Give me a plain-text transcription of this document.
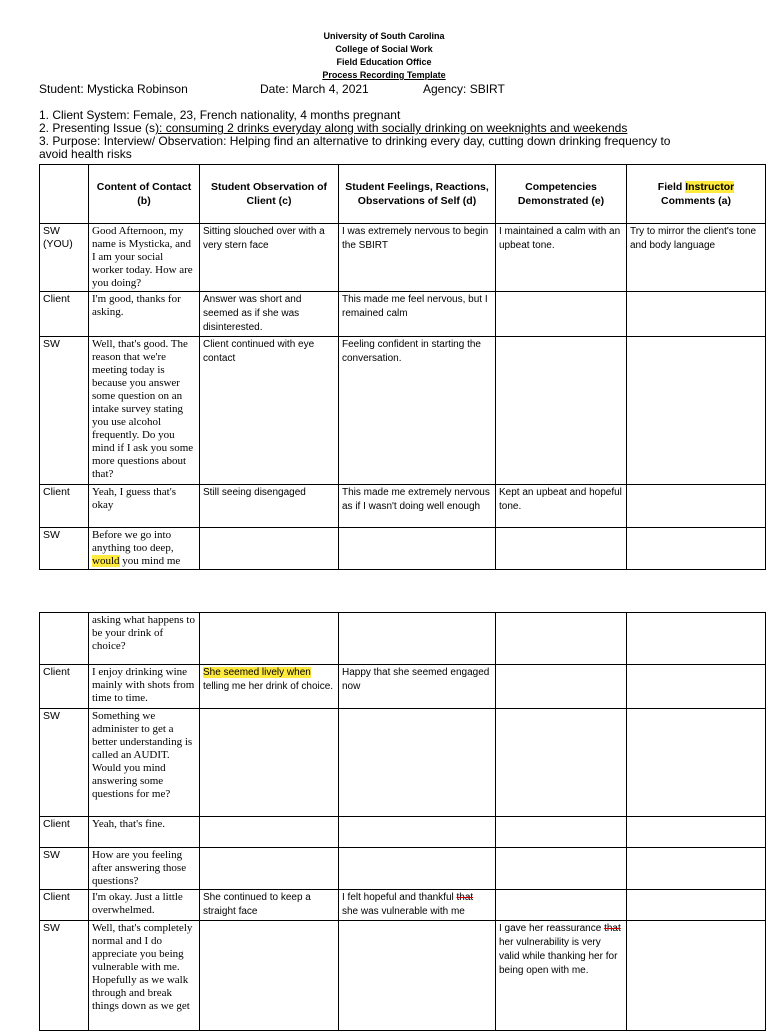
University of South Carolina
College of Social Work
Field Education Office
Process Recording Template
Student: Mysticka Robinson	Date: March 4, 2021	Agency: SBIRT
1. Client System: Female, 23, French nationality, 4 months pregnant
2. Presenting Issue (s): consuming 2 drinks everyday along with socially drinking on weeknights and weekends
3. Purpose: Interview/ Observation: Helping find an alternative to drinking every day, cutting down drinking frequency to avoid health risks
	Content of Contact (b)	Student Observation of Client (c)	Student Feelings, Reactions, Observations of Self (d)	Competencies Demonstrated (e)	Field Instructor Comments (a)
SW (YOU)	Good Afternoon, my name is Mysticka, and I am your social worker today. How are you doing?	Sitting slouched over with a very stern face	I was extremely nervous to begin the SBIRT	I maintained a calm with an upbeat tone.	Try to mirror the client's tone and body language
Client	I'm good, thanks for asking.	Answer was short and seemed as if she was disinterested.	This made me feel nervous, but I remained calm		
SW	Well, that's good. The reason that we're meeting today is because you answer some question on an intake survey stating you use alcohol frequently. Do you mind if I ask you some more questions about that?	Client continued with eye contact	Feeling confident in starting the conversation.		
Client	Yeah, I guess that's okay	Still seeing disengaged	This made me extremely nervous as if I wasn't doing well enough	Kept an upbeat and hopeful tone.	
SW	Before we go into anything too deep, would you mind me				
	asking what happens to be your drink of choice?				
Client	I enjoy drinking wine mainly with shots from time to time.	She seemed lively when telling me her drink of choice.	Happy that she seemed engaged now		
SW	Something we administer to get a better understanding is called an AUDIT. Would you mind answering some questions for me?				
Client	Yeah, that's fine.				
SW	How are you feeling after answering those questions?				
Client	I'm okay. Just a little overwhelmed.	She continued to keep a straight face	I felt hopeful and thankful that she was vulnerable with me		
SW	Well, that's completely normal and I do appreciate you being vulnerable with me. Hopefully as we walk through and break things down as we get			I gave her reassurance that her vulnerability is very valid while thanking her for being open with me.	
